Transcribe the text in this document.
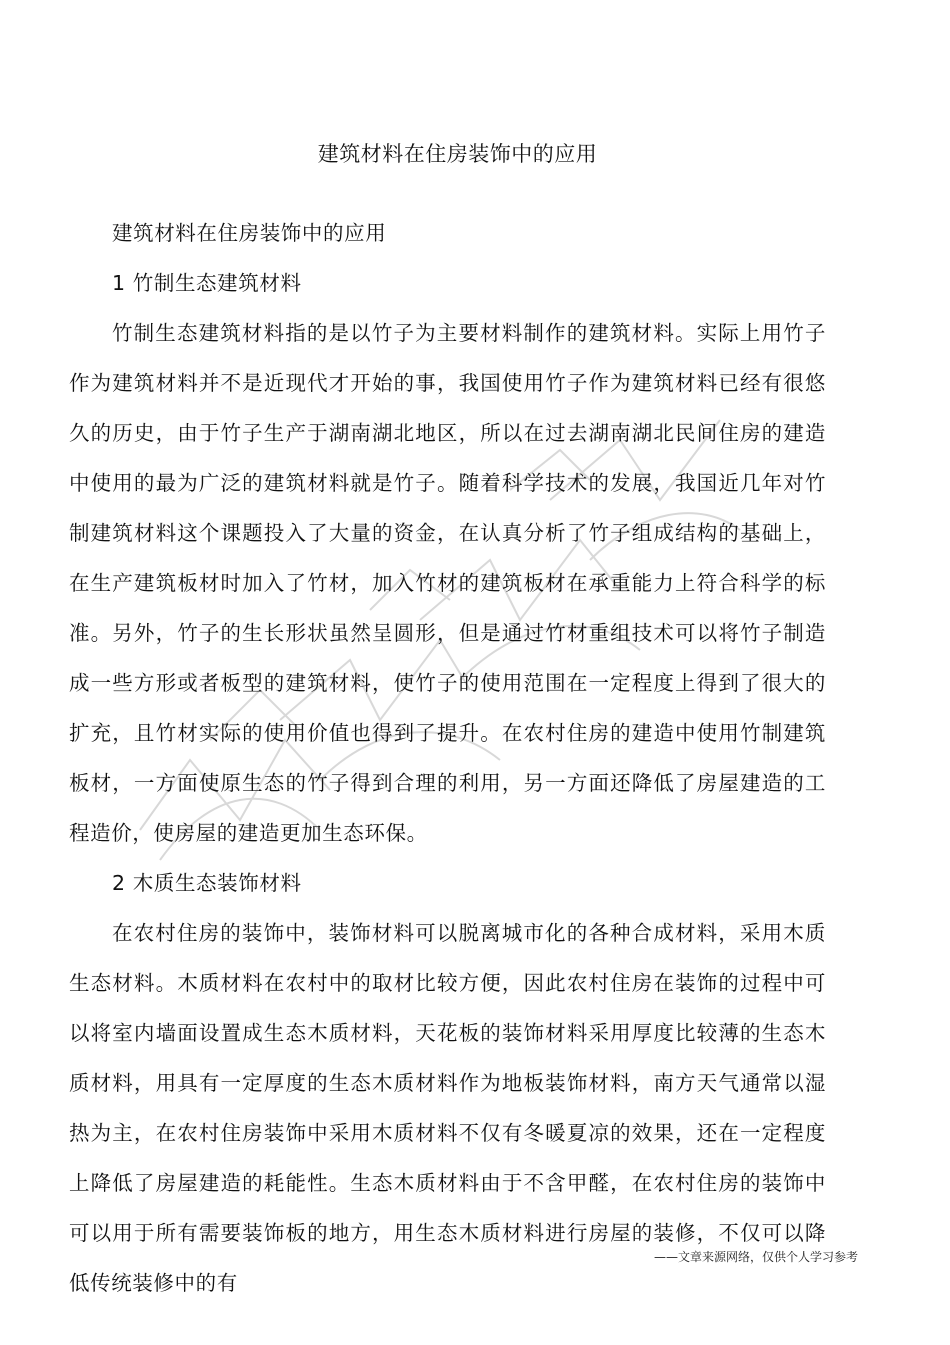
建筑材料在住房装饰中的应用
建筑材料在住房装饰中的应用
1 竹制生态建筑材料
竹制生态建筑材料指的是以竹子为主要材料制作的建筑材料。实际上用竹子作为建筑材料并不是近现代才开始的事，我国使用竹子作为建筑材料已经有很悠久的历史，由于竹子生产于湖南湖北地区，所以在过去湖南湖北民间住房的建造中使用的最为广泛的建筑材料就是竹子。随着科学技术的发展，我国近几年对竹制建筑材料这个课题投入了大量的资金，在认真分析了竹子组成结构的基础上，在生产建筑板材时加入了竹材，加入竹材的建筑板材在承重能力上符合科学的标准。另外，竹子的生长形状虽然呈圆形，但是通过竹材重组技术可以将竹子制造成一些方形或者板型的建筑材料，使竹子的使用范围在一定程度上得到了很大的扩充，且竹材实际的使用价值也得到了提升。在农村住房的建造中使用竹制建筑板材，一方面使原生态的竹子得到合理的利用，另一方面还降低了房屋建造的工程造价，使房屋的建造更加生态环保。
2 木质生态装饰材料
在农村住房的装饰中，装饰材料可以脱离城市化的各种合成材料，采用木质生态材料。木质材料在农村中的取材比较方便，因此农村住房在装饰的过程中可以将室内墙面设置成生态木质材料，天花板的装饰材料采用厚度比较薄的生态木质材料，用具有一定厚度的生态木质材料作为地板装饰材料，南方天气通常以湿热为主，在农村住房装饰中采用木质材料不仅有冬暖夏凉的效果，还在一定程度上降低了房屋建造的耗能性。生态木质材料由于不含甲醛，在农村住房的装饰中可以用于所有需要装饰板的地方，用生态木质材料进行房屋的装修，不仅可以降低传统装修中的有
——文章来源网络，仅供个人学习参考
